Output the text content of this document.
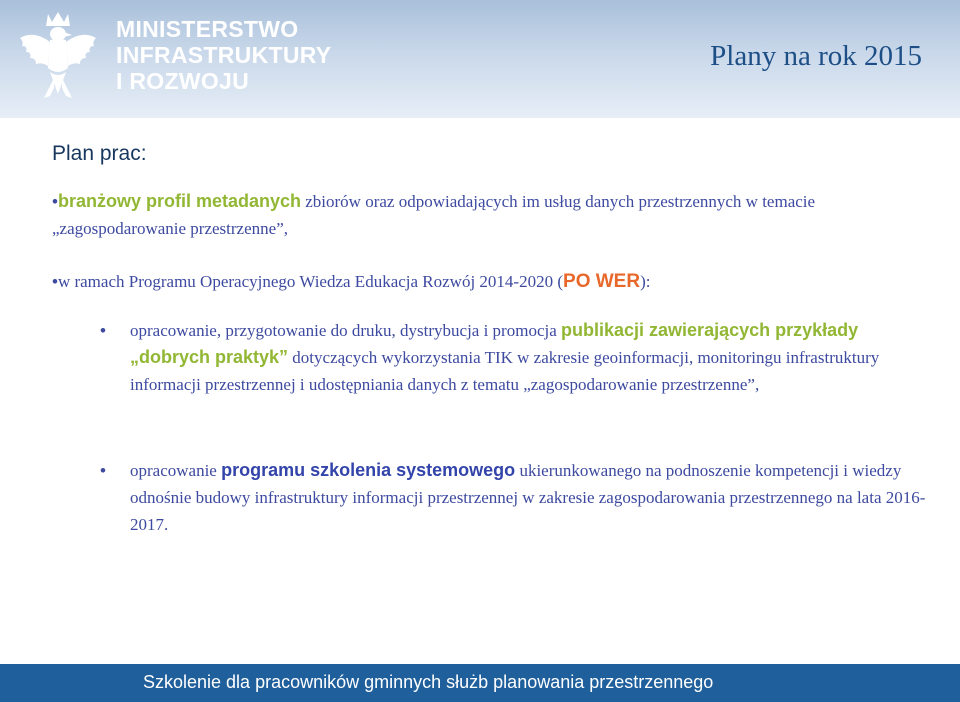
MINISTERSTWO
INFRASTRUKTURY
I ROZWOJU
Plany na rok 2015
Plan prac:
•branżowy profil metadanych zbiorów oraz odpowiadających im usług danych przestrzennych w temacie „zagospodarowanie przestrzenne”,
•w ramach Programu Operacyjnego Wiedza Edukacja Rozwój 2014-2020 (PO WER):
•	opracowanie, przygotowanie do druku, dystrybucja i promocja publikacji zawierających przykłady „dobrych praktyk” dotyczących wykorzystania TIK w zakresie geoinformacji, monitoringu infrastruktury informacji przestrzennej i udostępniania danych z tematu „zagospodarowanie przestrzenne”,
•	opracowanie programu szkolenia systemowego ukierunkowanego na podnoszenie kompetencji i wiedzy odnośnie budowy infrastruktury informacji przestrzennej w zakresie zagospodarowania przestrzennego na lata 2016-2017.
Szkolenie dla pracowników gminnych służb planowania przestrzennego
